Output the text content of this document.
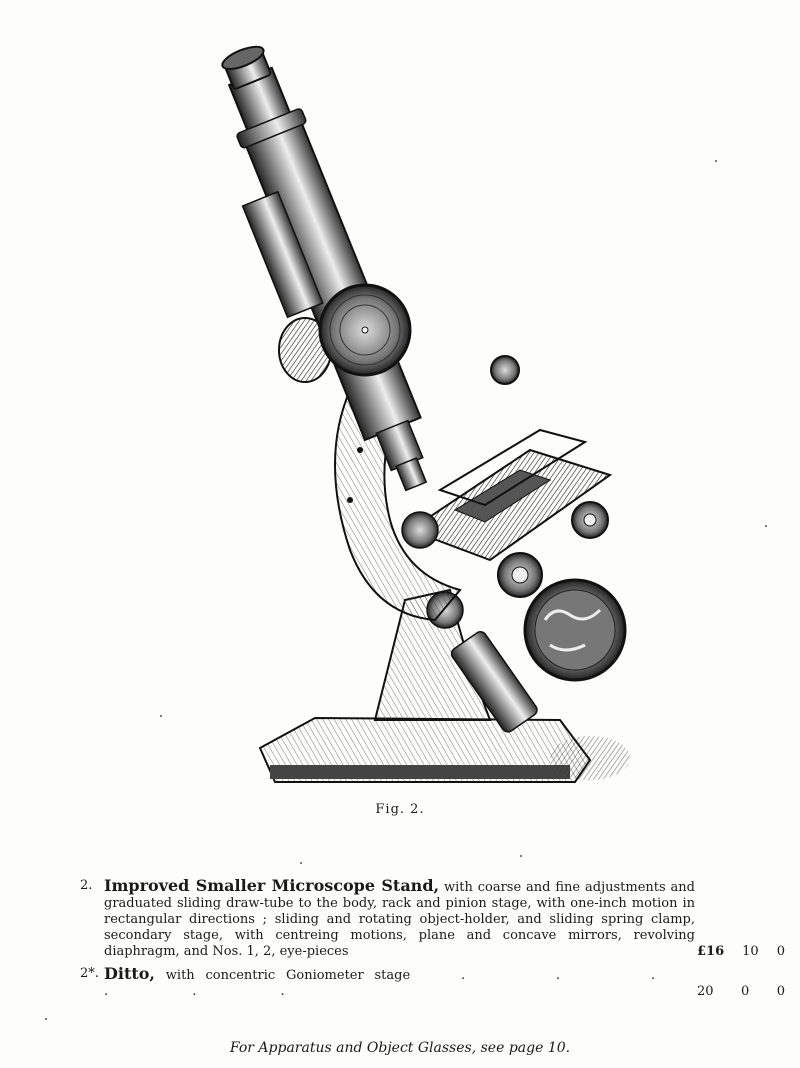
Fig. 2.
2. Improved Smaller Microscope Stand, with coarse and fine adjustments and graduated sliding draw-tube to the body, rack and pinion stage, with one-inch motion in rectangular directions ; sliding and rotating object-holder, and sliding spring clamp, secondary stage, with centreing motions, plane and concave mirrors, revolving diaphragm, and Nos. 1, 2, eye-pieces	£16 10 0
2*. Ditto, with concentric Goniometer stage	. . . . . .	20 0 0
For Apparatus and Object Glasses, see page 10.
